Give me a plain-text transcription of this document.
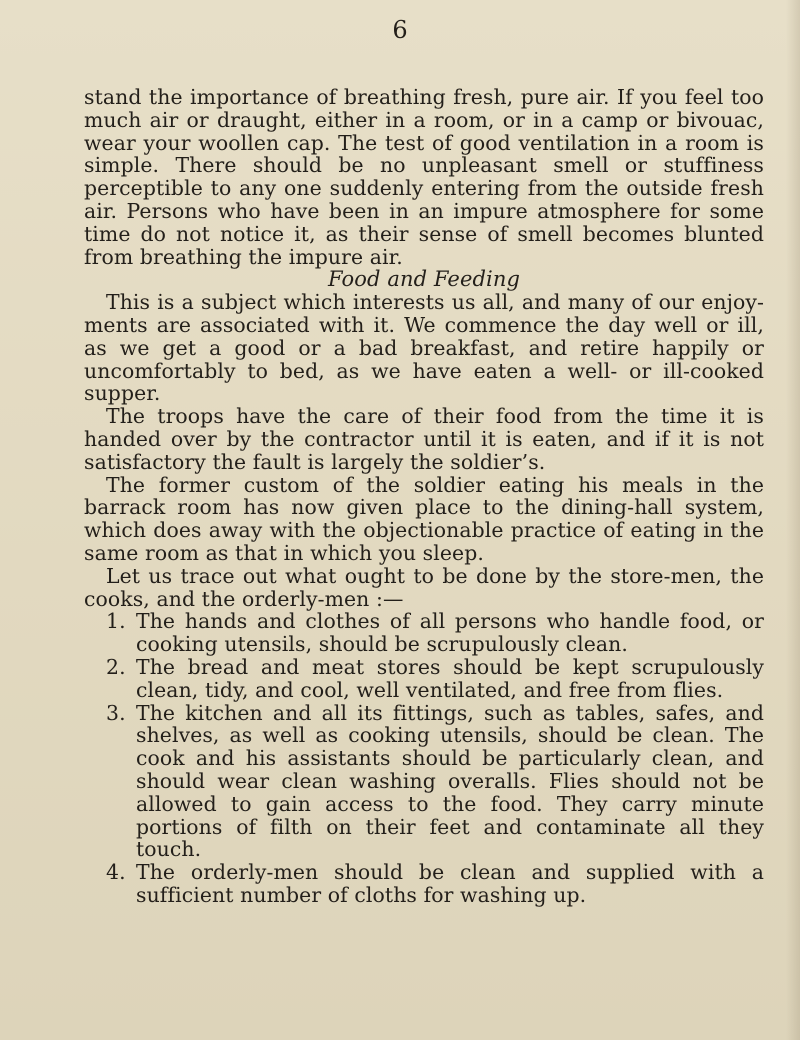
6

stand the importance of breathing fresh, pure air. If you feel too much air or draught, either in a room, or in a camp or bivouac, wear your woollen cap. The test of good ventilation in a room is simple. There should be no unpleasant smell or stuffiness perceptible to any one suddenly entering from the outside fresh air. Persons who have been in an impure atmosphere for some time do not notice it, as their sense of smell becomes blunted from breathing the impure air.

Food and Feeding

This is a subject which interests us all, and many of our enjoy-ments are associated with it. We commence the day well or ill, as we get a good or a bad breakfast, and retire happily or uncomfortably to bed, as we have eaten a well- or ill-cooked supper.

The troops have the care of their food from the time it is handed over by the contractor until it is eaten, and if it is not satisfactory the fault is largely the soldier’s.

The former custom of the soldier eating his meals in the barrack room has now given place to the dining-hall system, which does away with the objectionable practice of eating in the same room as that in which you sleep.

Let us trace out what ought to be done by the store-men, the cooks, and the orderly-men :—

1. The hands and clothes of all persons who handle food, or cooking utensils, should be scrupulously clean.
2. The bread and meat stores should be kept scrupulously clean, tidy, and cool, well ventilated, and free from flies.
3. The kitchen and all its fittings, such as tables, safes, and shelves, as well as cooking utensils, should be clean. The cook and his assistants should be particularly clean, and should wear clean washing overalls. Flies should not be allowed to gain access to the food. They carry minute portions of filth on their feet and contaminate all they touch.
4. The orderly-men should be clean and supplied with a sufficient number of cloths for washing up.
